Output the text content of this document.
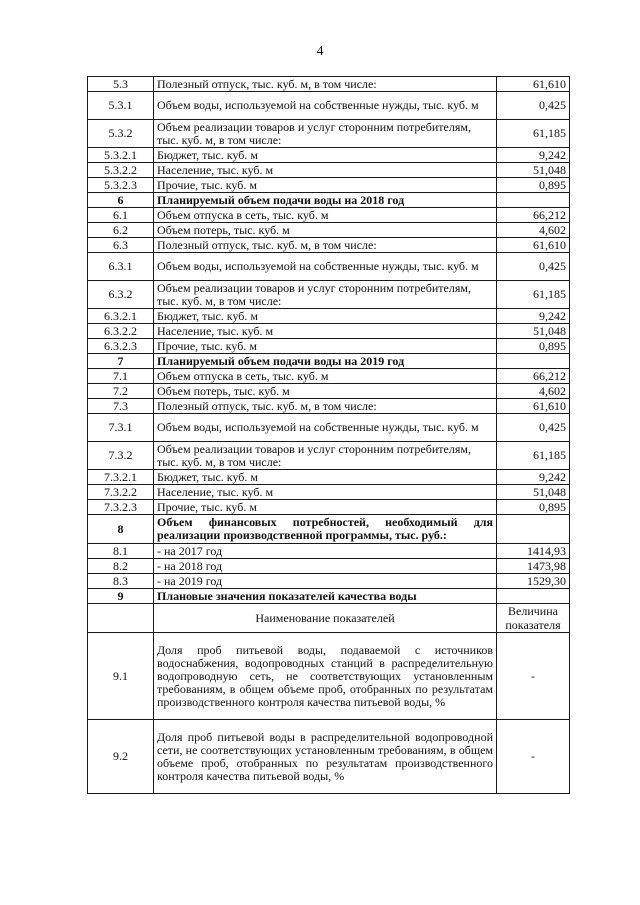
4
5.3	Полезный отпуск, тыс. куб. м, в том числе:	61,610
5.3.1	Объем воды, используемой на собственные нужды, тыс. куб. м	0,425
5.3.2	Объем реализации товаров и услуг сторонним потребителям, тыс. куб. м, в том числе:	61,185
5.3.2.1	Бюджет, тыс. куб. м	9,242
5.3.2.2	Население, тыс. куб. м	51,048
5.3.2.3	Прочие, тыс. куб. м	0,895
6	Планируемый объем подачи воды на 2018 год	
6.1	Объем отпуска в сеть, тыс. куб. м	66,212
6.2	Объем потерь, тыс. куб. м	4,602
6.3	Полезный отпуск, тыс. куб. м, в том числе:	61,610
6.3.1	Объем воды, используемой на собственные нужды, тыс. куб. м	0,425
6.3.2	Объем реализации товаров и услуг сторонним потребителям, тыс. куб. м, в том числе:	61,185
6.3.2.1	Бюджет, тыс. куб. м	9,242
6.3.2.2	Население, тыс. куб. м	51,048
6.3.2.3	Прочие, тыс. куб. м	0,895
7	Планируемый объем подачи воды на 2019 год	
7.1	Объем отпуска в сеть, тыс. куб. м	66,212
7.2	Объем потерь, тыс. куб. м	4,602
7.3	Полезный отпуск, тыс. куб. м, в том числе:	61,610
7.3.1	Объем воды, используемой на собственные нужды, тыс. куб. м	0,425
7.3.2	Объем реализации товаров и услуг сторонним потребителям, тыс. куб. м, в том числе:	61,185
7.3.2.1	Бюджет, тыс. куб. м	9,242
7.3.2.2	Население, тыс. куб. м	51,048
7.3.2.3	Прочие, тыс. куб. м	0,895
8	Объем финансовых потребностей, необходимый для реализации производственной программы, тыс. руб.:	
8.1	- на 2017 год	1414,93
8.2	- на 2018 год	1473,98
8.3	- на 2019 год	1529,30
9	Плановые значения показателей качества воды	
	Наименование показателей	Величина показателя
9.1	Доля проб питьевой воды, подаваемой с источников водоснабжения, водопроводных станций в распределительную водопроводную сеть, не соответствующих установленным требованиям, в общем объеме проб, отобранных по результатам производственного контроля качества питьевой воды, %	-
9.2	Доля проб питьевой воды в распределительной водопроводной сети, не соответствующих установленным требованиям, в общем объеме проб, отобранных по результатам производственного контроля качества питьевой воды, %	-
